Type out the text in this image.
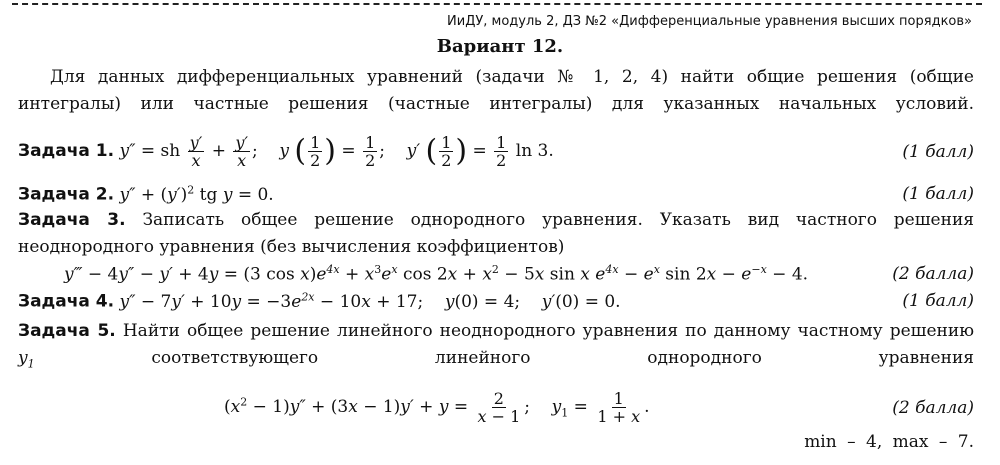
ИиДУ, модуль 2, ДЗ №2 «Дифференциальные уравнения высших порядков»
Вариант 12.
Для данных дифференциальных уравнений (задачи № 1, 2, 4) найти общие решения (общие интегралы) или частные решения (частные интегралы) для указанных начальных условий.
Задача 1. y″ = sh $\frac{y'}{x} + \frac{y'}{x}$ ;    y ( $\frac{1}{2}$ ) = $\frac{1}{2}$ ;    y′ ( $\frac{1}{2}$ ) = $\frac{1}{2}$ ln 3.	(1 балл)
Задача 2. $y'' + (y')^2$ tg y = 0.	(1 балл)
Задача 3. Записать общее решение однородного уравнения. Указать вид частного решения неоднородного уравнения (без вычисления коэффициентов)
y‴ − 4y″ − y′ + 4y = (3 $\cos x)e^{4x} + x^3e^x$ $\cos 2x + x^2 - 5x$ sin x $e^{4x} - e^x$ $\sin 2x - e^{-x} - 4$.	(2 балла)
Задача 4. $y'' - 7y' + 10y = -3e^{2x} - 10x + 17$;    y(0) = 4;    y′(0) = 0.	(1 балл)
Задача 5. Найти общее решение линейного неоднородного уравнения по данному частному решению $y_1$	соответствующего линейного однородного уравнения
$(x^2 - 1)y'' + (3x - 1)y' + y = \frac{2}{x - 1}$ ;    $y_1 = \frac{1}{1 + x}$ .	(2 балла)
min – 4, max – 7.
